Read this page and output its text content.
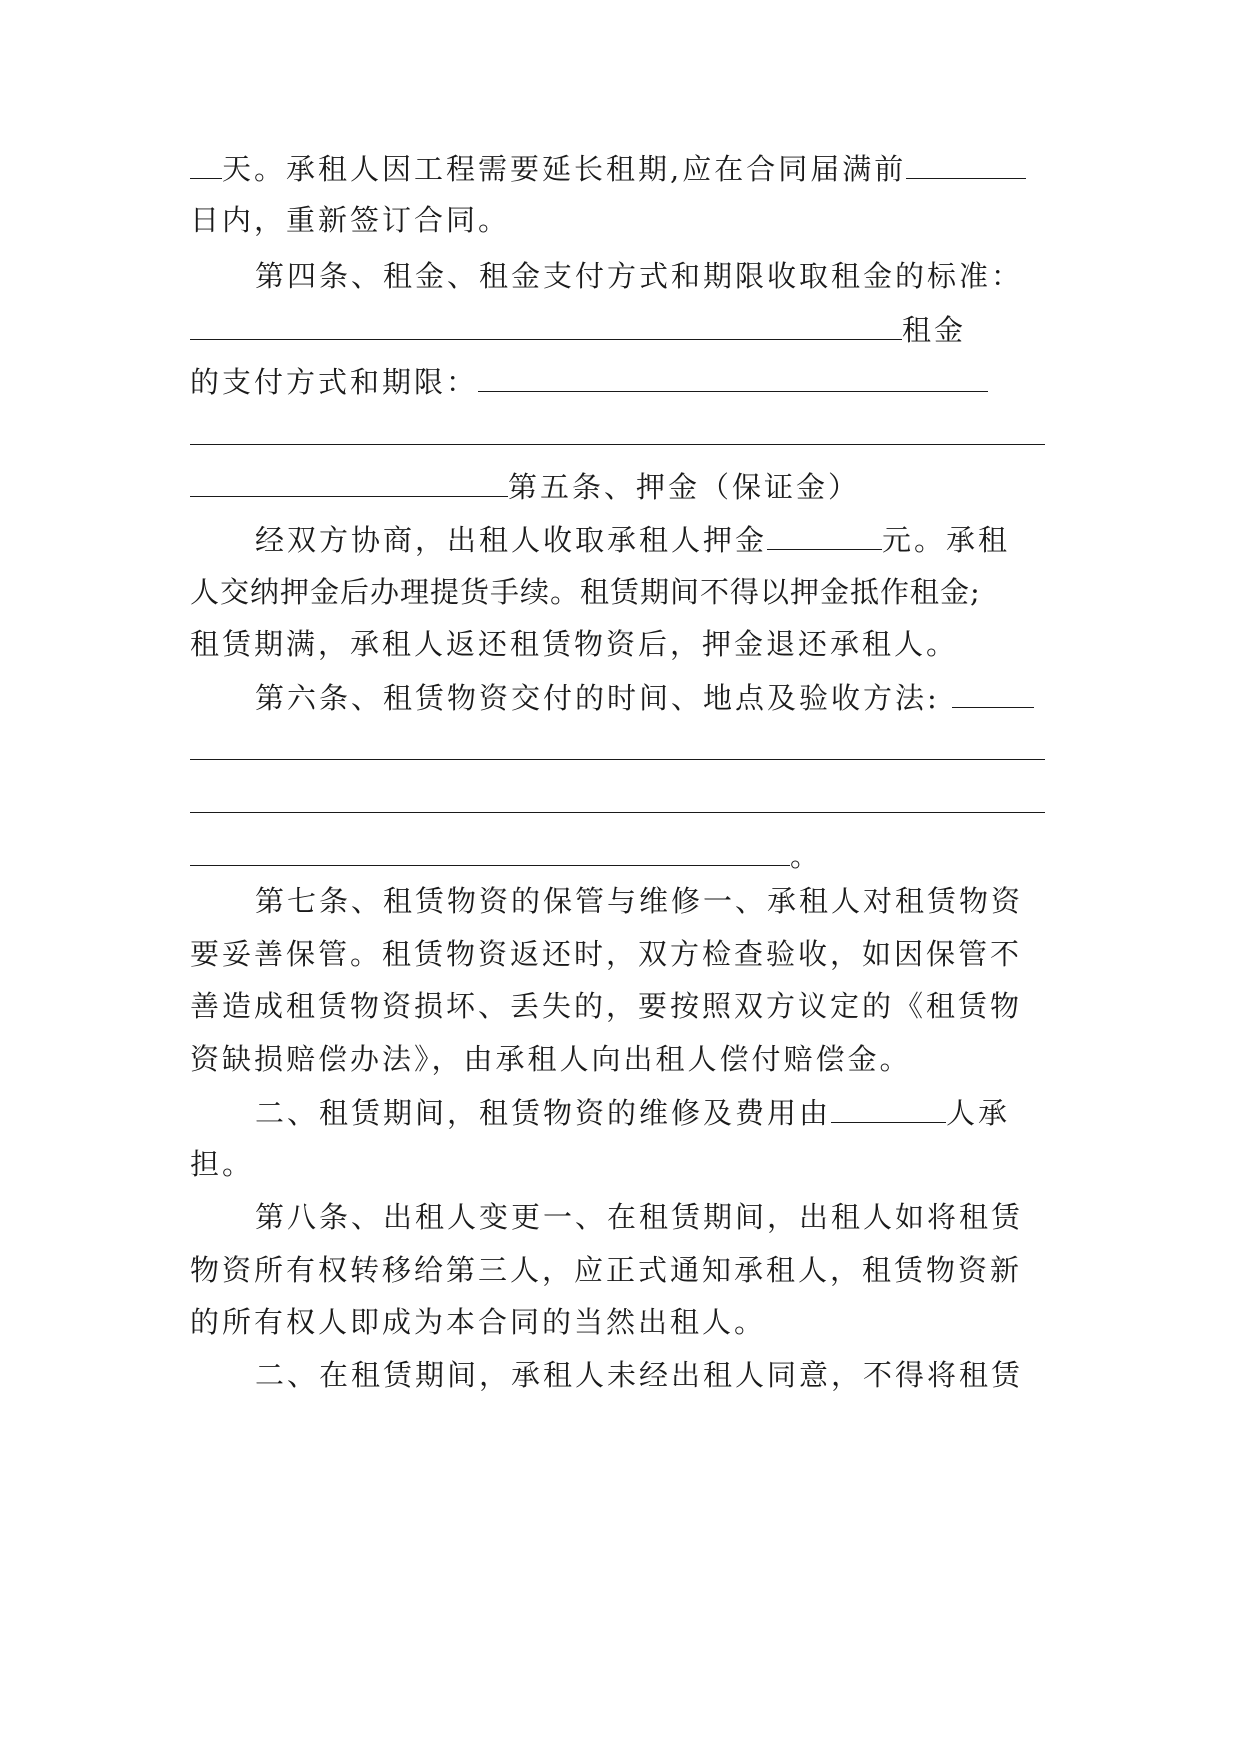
天。承租人因工程需要延长租期,应在合同届满前
日内，重新签订合同。
第四条、租金、租金支付方式和期限收取租金的标准：
租金
的支付方式和期限：
第五条、押金（保证金）
经双方协商，出租人收取承租人押金	元。承租
人交纳押金后办理提货手续。租赁期间不得以押金抵作租金;
租赁期满，承租人返还租赁物资后，押金退还承租人。
第六条、租赁物资交付的时间、地点及验收方法:
。
第七条、租赁物资的保管与维修一、承租人对租赁物资
要妥善保管。租赁物资返还时，双方检查验收，如因保管不
善造成租赁物资损坏、丢失的，要按照双方议定的《租赁物
资缺损赔偿办法》，由承租人向出租人偿付赔偿金。
二、租赁期间，租赁物资的维修及费用由	人承
担。
第八条、出租人变更一、在租赁期间，出租人如将租赁
物资所有权转移给第三人，应正式通知承租人，租赁物资新
的所有权人即成为本合同的当然出租人。
二、在租赁期间，承租人未经出租人同意，不得将租赁
